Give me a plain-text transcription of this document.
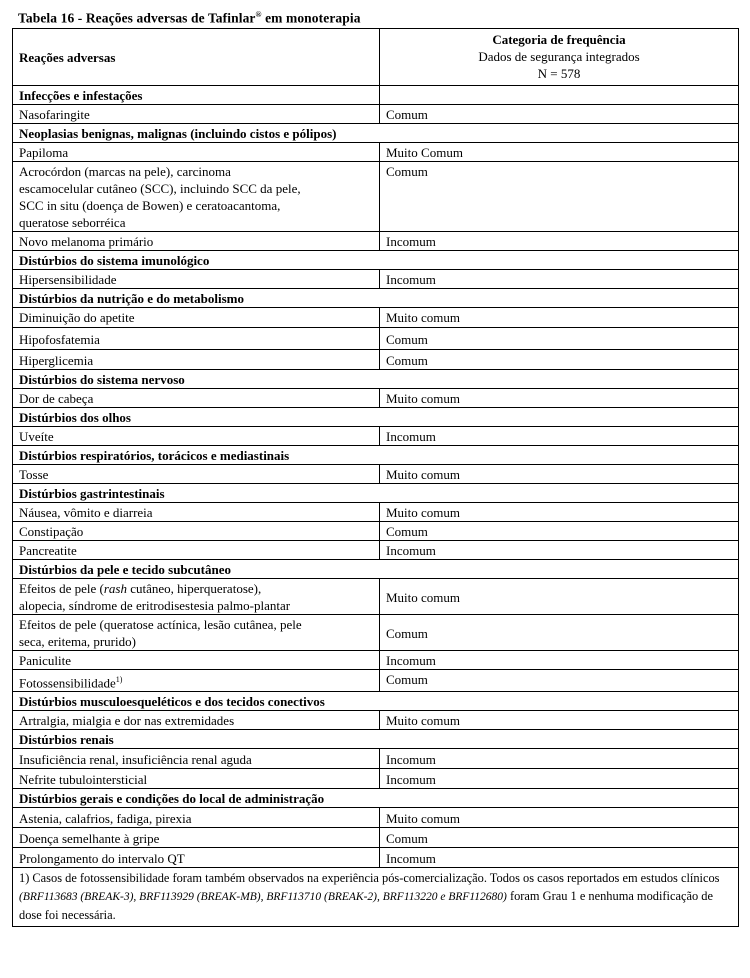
Tabela 16 - Reações adversas de Tafinlar® em monoterapia
Reações adversas	Categoria de frequência
Dados de segurança integrados
N = 578

Infecções e infestações	
Nasofaringite	Comum
Neoplasias benignas, malignas (incluindo cistos e pólipos)	
Papiloma	Muito Comum
Acrocórdon (marcas na pele), carcinoma
escamocelular cutâneo (SCC), incluindo SCC da pele,
SCC in situ (doença de Bowen) e ceratoacantoma,
queratose seborréica	Comum
Novo melanoma primário	Incomum
Distúrbios do sistema imunológico	
Hipersensibilidade	Incomum
Distúrbios da nutrição e do metabolismo	
Diminuição do apetite	Muito comum
Hipofosfatemia	Comum
Hiperglicemia	Comum
Distúrbios do sistema nervoso	
Dor de cabeça	Muito comum
Distúrbios dos olhos	
Uveíte	Incomum
Distúrbios respiratórios, torácicos e mediastinais	
Tosse	Muito comum
Distúrbios gastrintestinais	
Náusea, vômito e diarreia	Muito comum
Constipação	Comum
Pancreatite	Incomum
Distúrbios da pele e tecido subcutâneo	
Efeitos de pele (rash cutâneo, hiperqueratose),
alopecia, síndrome de eritrodisestesia palmo-plantar	Muito comum
Efeitos de pele (queratose actínica, lesão cutânea, pele
seca, eritema, prurido)	Comum
Paniculite	Incomum
Fotossensibilidade$^{1)}$	Comum
Distúrbios musculoesqueléticos e dos tecidos conectivos	
Artralgia, mialgia e dor nas extremidades	Muito comum
Distúrbios renais	
Insuficiência renal, insuficiência renal aguda	Incomum
Nefrite tubulointersticial	Incomum
Distúrbios gerais e condições do local de administração	
Astenia, calafrios, fadiga, pirexia	Muito comum
Doença semelhante à gripe	Comum
Prolongamento do intervalo QT	Incomum
1) Casos de fotossensibilidade foram também observados na experiência pós-comercialização. Todos os casos reportados em estudos clínicos (BRF113683 (BREAK-3), BRF113929 (BREAK-MB), BRF113710 (BREAK-2), BRF113220 e BRF112680) foram Grau 1 e nenhuma modificação de dose foi necessária.	
